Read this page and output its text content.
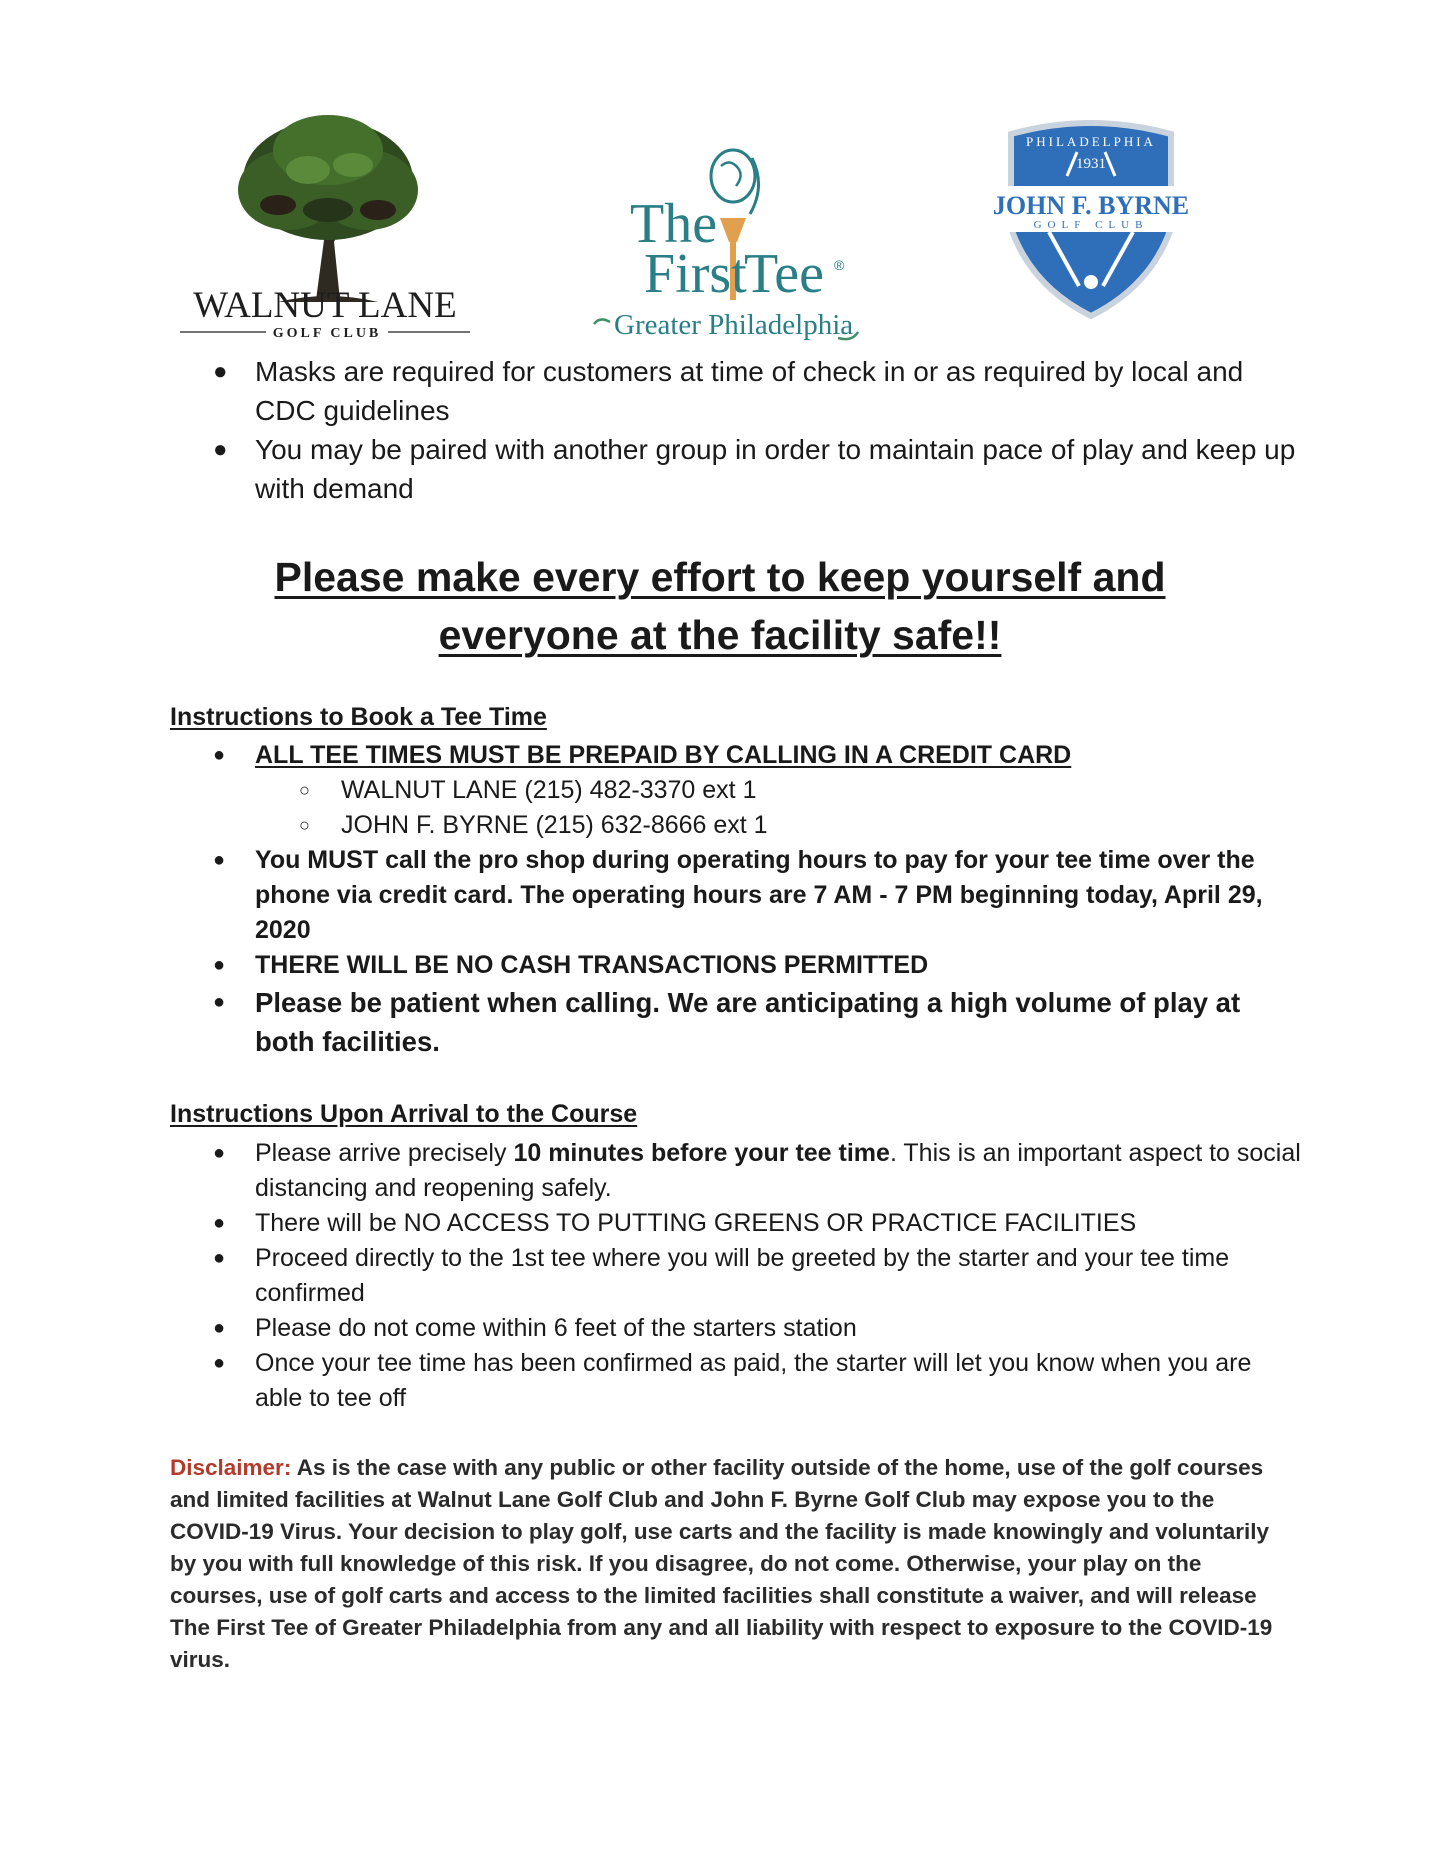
WALNUT LANE
GOLF CLUB
The
First
Tee ®
Greater Philadelphia
PHILADELPHIA
1931
JOHN F. BYRNE
GOLF CLUB
● Masks are required for customers at time of check in or as required by local and CDC guidelines
● You may be paired with another group in order to maintain pace of play and keep up with demand
Please make every effort to keep yourself and
everyone at the facility safe!!
Instructions to Book a Tee Time
● ALL TEE TIMES MUST BE PREPAID BY CALLING IN A CREDIT CARD
○ WALNUT LANE (215) 482-3370 ext 1
○ JOHN F. BYRNE (215) 632-8666 ext 1
● You MUST call the pro shop during operating hours to pay for your tee time over the phone via credit card. The operating hours are 7 AM - 7 PM beginning today, April 29, 2020
● THERE WILL BE NO CASH TRANSACTIONS PERMITTED
● Please be patient when calling. We are anticipating a high volume of play at both facilities.
Instructions Upon Arrival to the Course
● Please arrive precisely 10 minutes before your tee time. This is an important aspect to social distancing and reopening safely.
● There will be NO ACCESS TO PUTTING GREENS OR PRACTICE FACILITIES
● Proceed directly to the 1st tee where you will be greeted by the starter and your tee time confirmed
● Please do not come within 6 feet of the starters station
● Once your tee time has been confirmed as paid, the starter will let you know when you are able to tee off
Disclaimer: As is the case with any public or other facility outside of the home, use of the golf courses and limited facilities at Walnut Lane Golf Club and John F. Byrne Golf Club may expose you to the COVID-19 Virus. Your decision to play golf, use carts and the facility is made knowingly and voluntarily by you with full knowledge of this risk. If you disagree, do not come. Otherwise, your play on the courses, use of golf carts and access to the limited facilities shall constitute a waiver, and will release The First Tee of Greater Philadelphia from any and all liability with respect to exposure to the COVID-19 virus.
